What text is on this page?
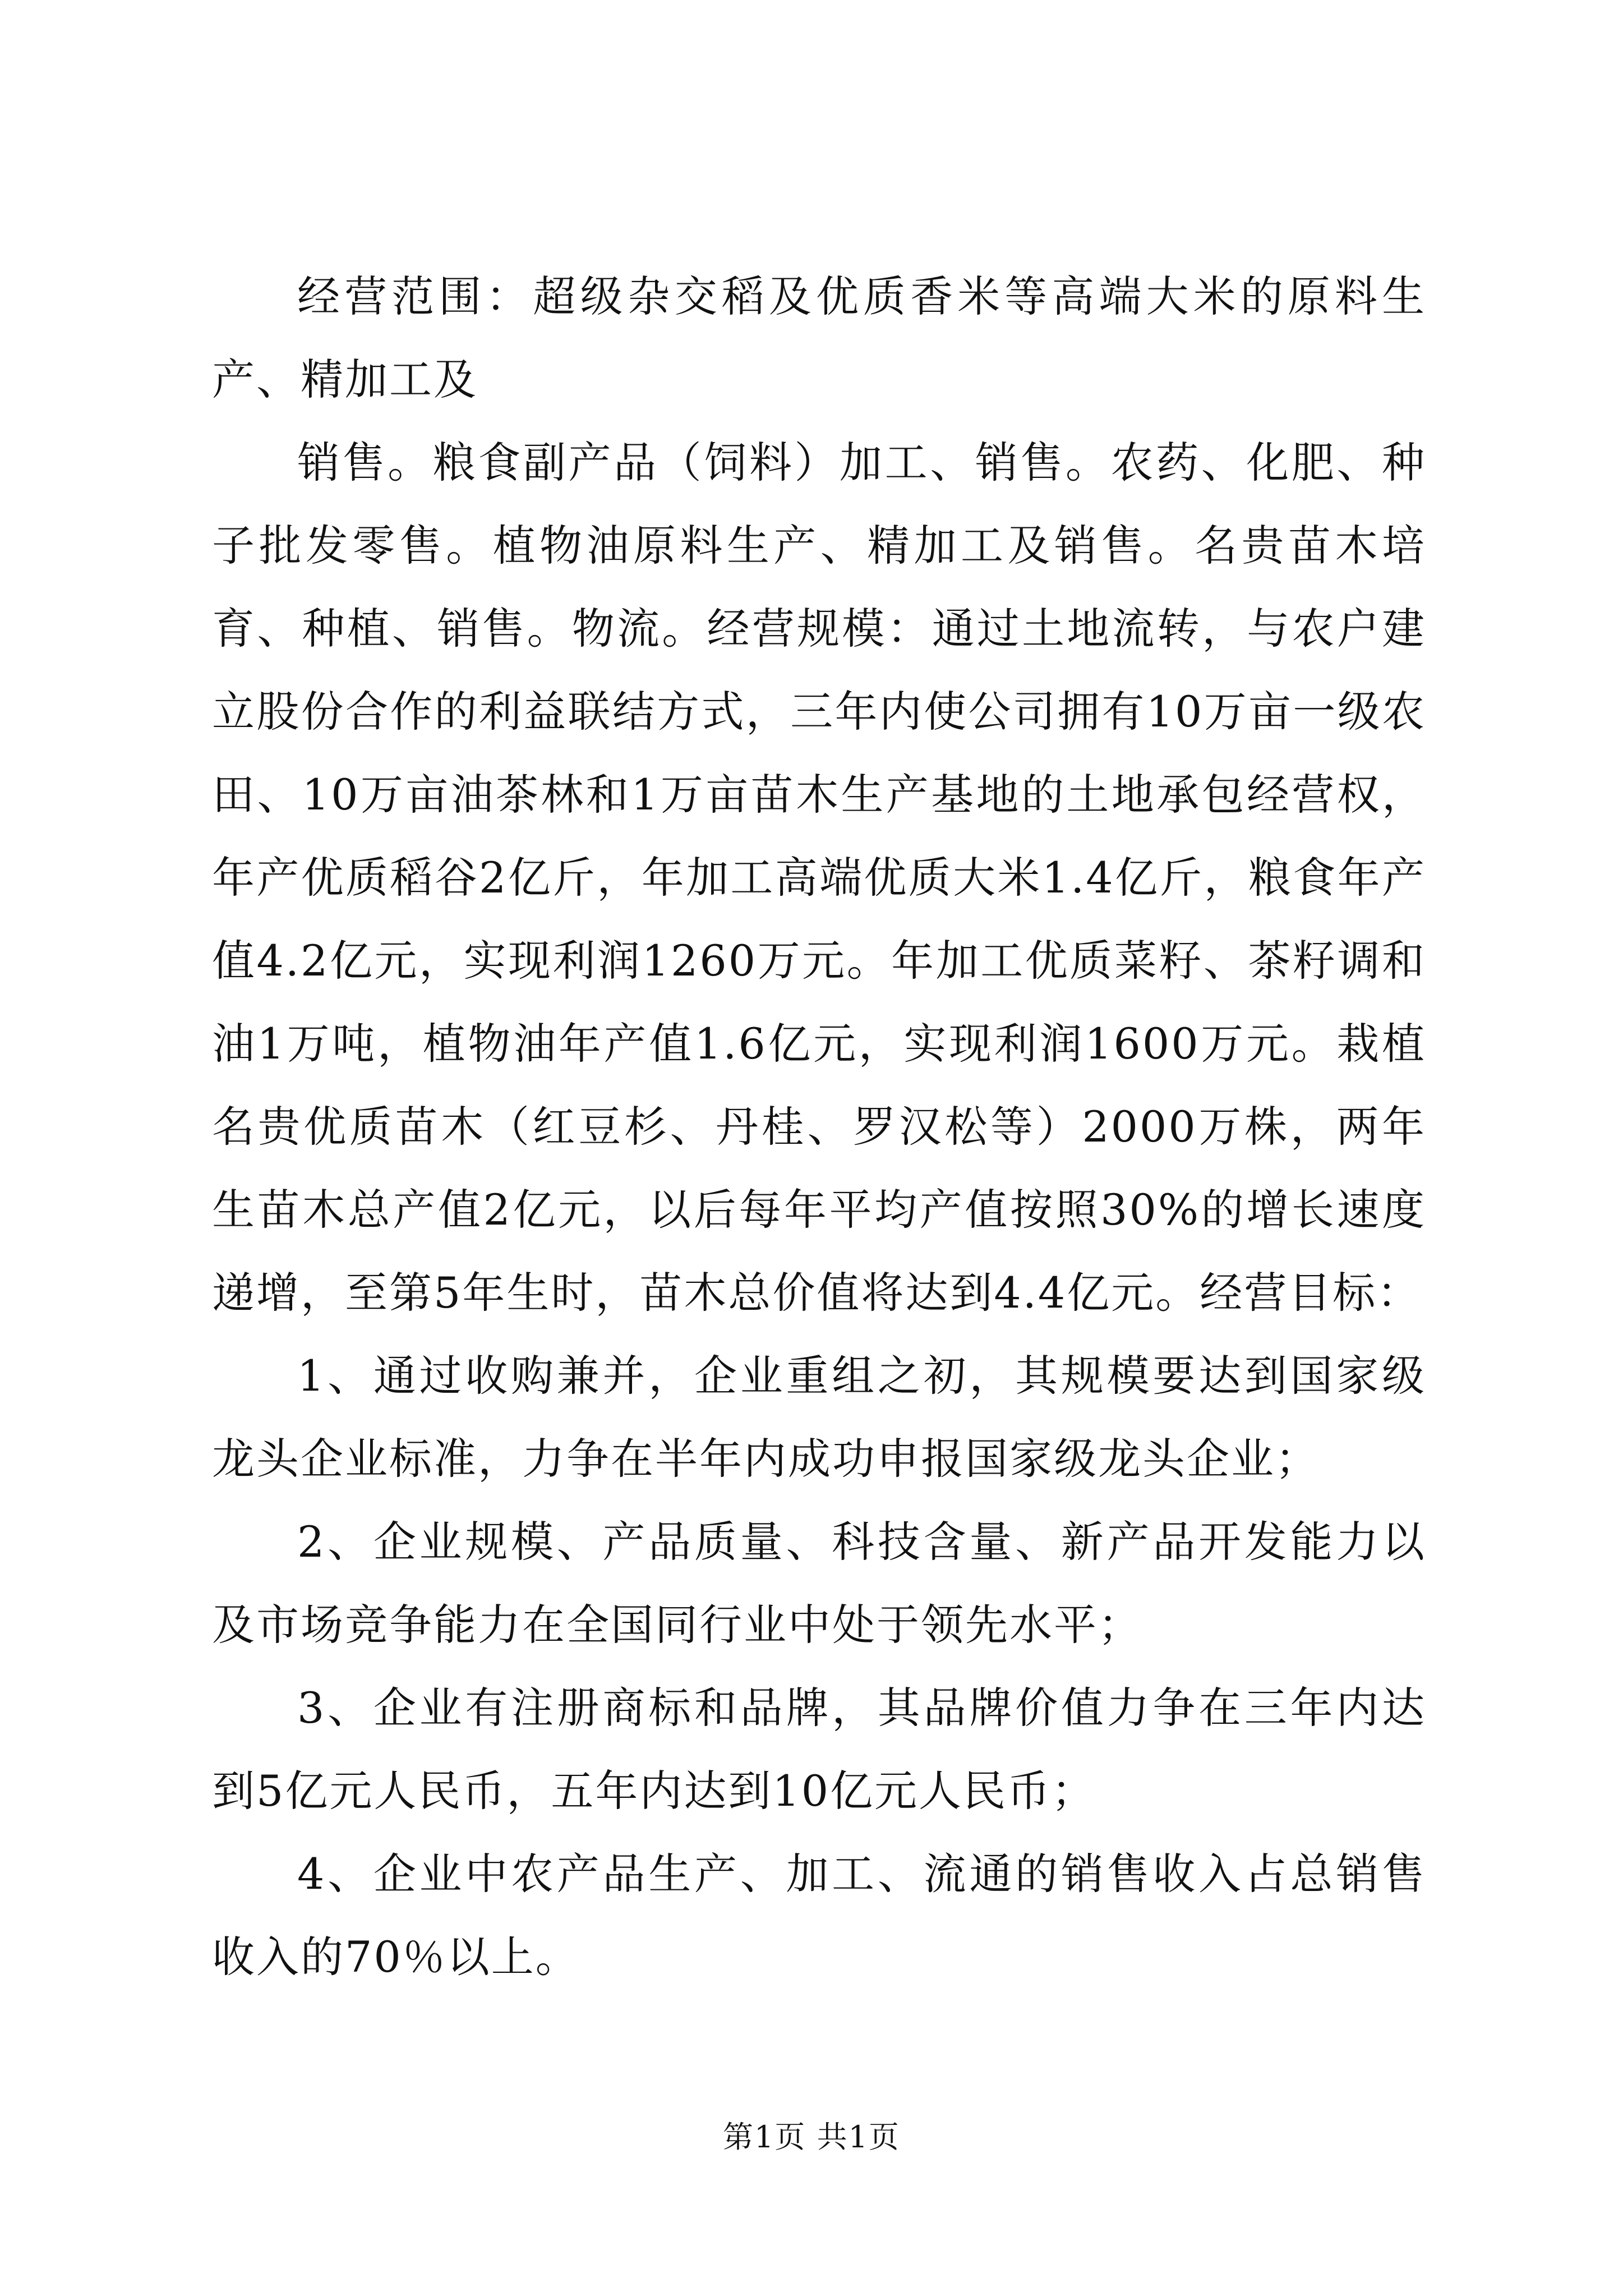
经营范围：超级杂交稻及优质香米等高端大米的原料生产、精加工及

销售。粮食副产品（饲料）加工、销售。农药、化肥、种子批发零售。植物油原料生产、精加工及销售。名贵苗木培育、种植、销售。物流。经营规模：通过土地流转，与农户建立股份合作的利益联结方式，三年内使公司拥有10万亩一级农田、10万亩油茶林和1万亩苗木生产基地的土地承包经营权，年产优质稻谷2亿斤，年加工高端优质大米1.4亿斤，粮食年产值4.2亿元，实现利润1260万元。年加工优质菜籽、茶籽调和油1万吨，植物油年产值1.6亿元，实现利润1600万元。栽植名贵优质苗木（红豆杉、丹桂、罗汉松等）2000万株，两年生苗木总产值2亿元，以后每年平均产值按照30%的增长速度递增，至第5年生时，苗木总价值将达到4.4亿元。经营目标：

1、通过收购兼并，企业重组之初，其规模要达到国家级龙头企业标准，力争在半年内成功申报国家级龙头企业；

2、企业规模、产品质量、科技含量、新产品开发能力以及市场竞争能力在全国同行业中处于领先水平；

3、企业有注册商标和品牌，其品牌价值力争在三年内达到5亿元人民币，五年内达到10亿元人民币；

4、企业中农产品生产、加工、流通的销售收入占总销售收入的70％以上。

第1页 共1页
